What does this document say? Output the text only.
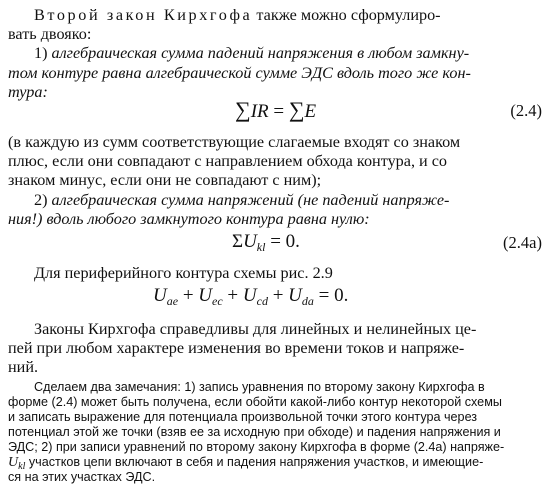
Второй закон Кирхгофа также можно сформулиро-
вать двояко:
1) алгебраическая сумма падений напряжения в любом замкну-
том контуре равна алгебраической сумме ЭДС вдоль того же кон-
тура:
∑IR = ∑E	(2.4)
(в каждую из сумм соответствующие слагаемые входят со знаком
плюс, если они совпадают с направлением обхода контура, и со
знаком минус, если они не совпадают с ним);
2) алгебраическая сумма напряжений (не падений напряже-
ния!) вдоль любого замкнутого контура равна нулю:
$\Sigma U_{kl} = 0$.	(2.4а)
Для периферийного контура схемы рис. 2.9
$U_{ae} + U_{ec} + U_{cd} + U_{da} = 0$.
Законы Кирхгофа справедливы для линейных и нелинейных це-
пей при любом характере изменения во времени токов и напряже-
ний.
Сделаем два замечания: 1) запись уравнения по второму закону Кирхгофа в
форме (2.4) может быть получена, если обойти какой-либо контур некоторой схемы
и записать выражение для потенциала произвольной точки этого контура через
потенциал этой же точки (взяв ее за исходную при обходе) и падения напряжения и
ЭДС; 2) при записи уравнений по второму закону Кирхгофа в форме (2.4а) напряже-
$U_{kl}$ участков цепи включают в себя и падения напряжения участков, и имеющие-
ся на этих участках ЭДС.
